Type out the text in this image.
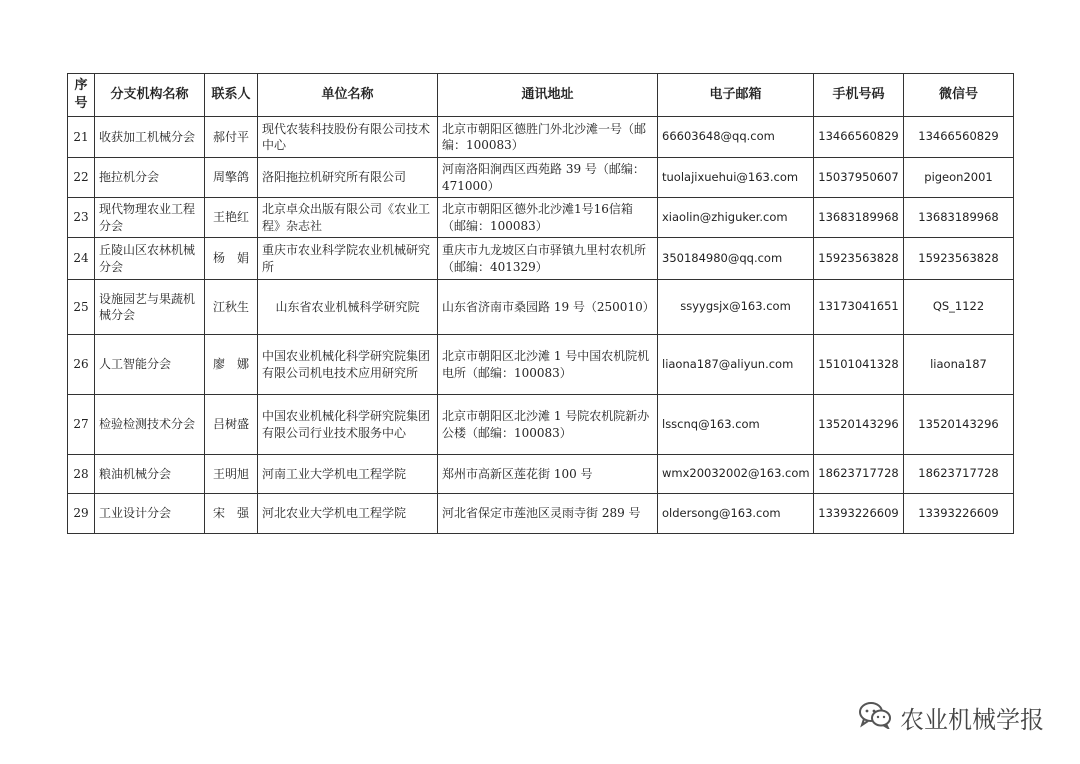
序号	分支机构名称	联系人	单位名称	通讯地址	电子邮箱	手机号码	微信号
21	收获加工机械分会	郝付平	现代农装科技股份有限公司技术中心	北京市朝阳区德胜门外北沙滩一号（邮编：100083）	66603648@qq.com	13466560829	13466560829
22	拖拉机分会	周擎鸽	洛阳拖拉机研究所有限公司	河南洛阳涧西区西苑路 39 号（邮编：471000）	tuolajixuehui@163.com	15037950607	pigeon2001
23	现代物理农业工程分会	王艳红	北京卓众出版有限公司《农业工程》杂志社	北京市朝阳区德外北沙滩1号16信箱（邮编：100083）	xiaolin@zhiguker.com	13683189968	13683189968
24	丘陵山区农林机械分会	杨　娟	重庆市农业科学院农业机械研究所	重庆市九龙坡区白市驿镇九里村农机所（邮编：401329）	350184980@qq.com	15923563828	15923563828
25	设施园艺与果蔬机械分会	江秋生	山东省农业机械科学研究院	山东省济南市桑园路 19 号（250010）	ssyygsjx@163.com	13173041651	QS_1122
26	人工智能分会	廖　娜	中国农业机械化科学研究院集团有限公司机电技术应用研究所	北京市朝阳区北沙滩 1 号中国农机院机电所（邮编：100083）	liaona187@aliyun.com	15101041328	liaona187
27	检验检测技术分会	吕树盛	中国农业机械化科学研究院集团有限公司行业技术服务中心	北京市朝阳区北沙滩 1 号院农机院新办公楼（邮编：100083）	lsscnq@163.com	13520143296	13520143296
28	粮油机械分会	王明旭	河南工业大学机电工程学院	郑州市高新区莲花街 100 号	wmx20032002@163.com	18623717728	18623717728
29	工业设计分会	宋　强	河北农业大学机电工程学院	河北省保定市莲池区灵雨寺街 289 号	oldersong@163.com	13393226609	13393226609
农业机械学报
